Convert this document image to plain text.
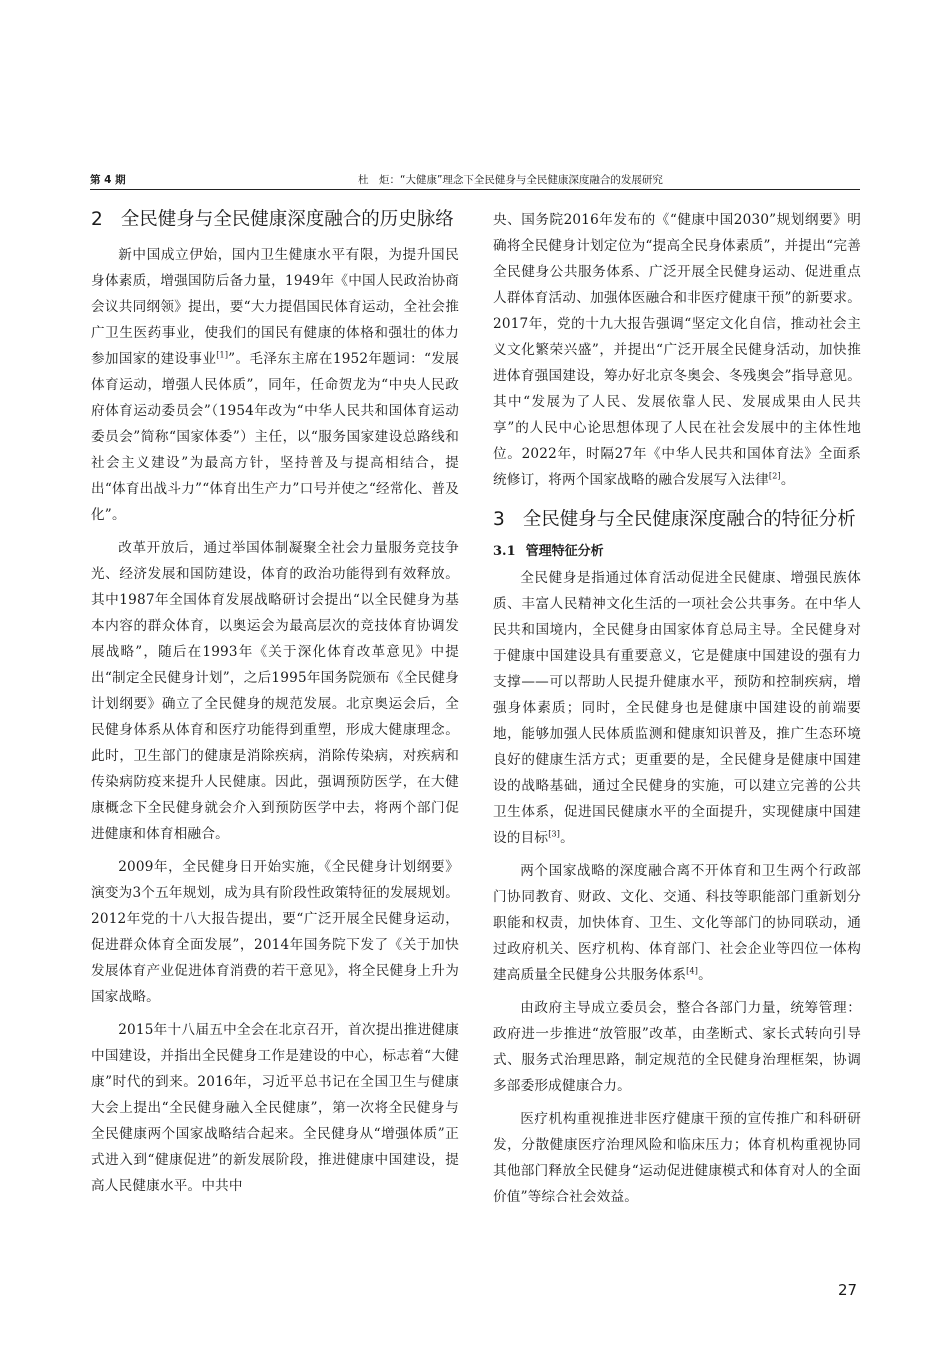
第 4 期	杜　炬：“大健康”理念下全民健身与全民健康深度融合的发展研究
2 全民健身与全民健康深度融合的历史脉络

新中国成立伊始，国内卫生健康水平有限，为提升国民身体素质，增强国防后备力量，1949年《中国人民政治协商会议共同纲领》提出，要“大力提倡国民体育运动，全社会推广卫生医药事业，使我们的国民有健康的体格和强壮的体力参加国家的建设事业[1]”。毛泽东主席在1952年题词：“发展体育运动，增强人民体质”，同年，任命贺龙为“中央人民政府体育运动委员会”（1954年改为“中华人民共和国体育运动委员会”简称“国家体委”）主任，以“服务国家建设总路线和社会主义建设”为最高方针，坚持普及与提高相结合，提出“体育出战斗力”“体育出生产力”口号并使之“经常化、普及化”。

改革开放后，通过举国体制凝聚全社会力量服务竞技争光、经济发展和国防建设，体育的政治功能得到有效释放。其中1987年全国体育发展战略研讨会提出“以全民健身为基本内容的群众体育，以奥运会为最高层次的竞技体育协调发展战略”，随后在1993年《关于深化体育改革意见》中提出“制定全民健身计划”，之后1995年国务院颁布《全民健身计划纲要》确立了全民健身的规范发展。北京奥运会后，全民健身体系从体育和医疗功能得到重塑，形成大健康理念。此时，卫生部门的健康是消除疾病，消除传染病，对疾病和传染病防疫来提升人民健康。因此，强调预防医学，在大健康概念下全民健身就会介入到预防医学中去，将两个部门促进健康和体育相融合。

2009年，全民健身日开始实施，《全民健身计划纲要》演变为3个五年规划，成为具有阶段性政策特征的发展规划。2012年党的十八大报告提出，要“广泛开展全民健身运动，促进群众体育全面发展”，2014年国务院下发了《关于加快发展体育产业促进体育消费的若干意见》，将全民健身上升为国家战略。

2015年十八届五中全会在北京召开，首次提出推进健康中国建设，并指出全民健身工作是建设的中心，标志着“大健康”时代的到来。2016年，习近平总书记在全国卫生与健康大会上提出“全民健身融入全民健康”，第一次将全民健身与全民健康两个国家战略结合起来。全民健身从“增强体质”正式进入到“健康促进”的新发展阶段，推进健康中国建设，提高人民健康水平。中共中

央、国务院2016年发布的《“健康中国2030”规划纲要》明确将全民健身计划定位为“提高全民身体素质”，并提出“完善全民健身公共服务体系、广泛开展全民健身运动、促进重点人群体育活动、加强体医融合和非医疗健康干预”的新要求。2017年，党的十九大报告强调“坚定文化自信，推动社会主义文化繁荣兴盛”，并提出“广泛开展全民健身活动，加快推进体育强国建设，筹办好北京冬奥会、冬残奥会”指导意见。其中“发展为了人民、发展依靠人民、发展成果由人民共享”的人民中心论思想体现了人民在社会发展中的主体性地位。2022年，时隔27年《中华人民共和国体育法》全面系统修订，将两个国家战略的融合发展写入法律[2]。

3 全民健身与全民健康深度融合的特征分析
3.1 管理特征分析

全民健身是指通过体育活动促进全民健康、增强民族体质、丰富人民精神文化生活的一项社会公共事务。在中华人民共和国境内，全民健身由国家体育总局主导。全民健身对于健康中国建设具有重要意义，它是健康中国建设的强有力支撑——可以帮助人民提升健康水平，预防和控制疾病，增强身体素质；同时，全民健身也是健康中国建设的前端要地，能够加强人民体质监测和健康知识普及，推广生态环境良好的健康生活方式；更重要的是，全民健身是健康中国建设的战略基础，通过全民健身的实施，可以建立完善的公共卫生体系，促进国民健康水平的全面提升，实现健康中国建设的目标[3]。

两个国家战略的深度融合离不开体育和卫生两个行政部门协同教育、财政、文化、交通、科技等职能部门重新划分职能和权责，加快体育、卫生、文化等部门的协同联动，通过政府机关、医疗机构、体育部门、社会企业等四位一体构建高质量全民健身公共服务体系[4]。

由政府主导成立委员会，整合各部门力量，统筹管理：政府进一步推进“放管服”改革，由垄断式、家长式转向引导式、服务式治理思路，制定规范的全民健身治理框架，协调多部委形成健康合力。

医疗机构重视推进非医疗健康干预的宣传推广和科研研发，分散健康医疗治理风险和临床压力；体育机构重视协同其他部门释放全民健身“运动促进健康模式和体育对人的全面价值”等综合社会效益。

27
